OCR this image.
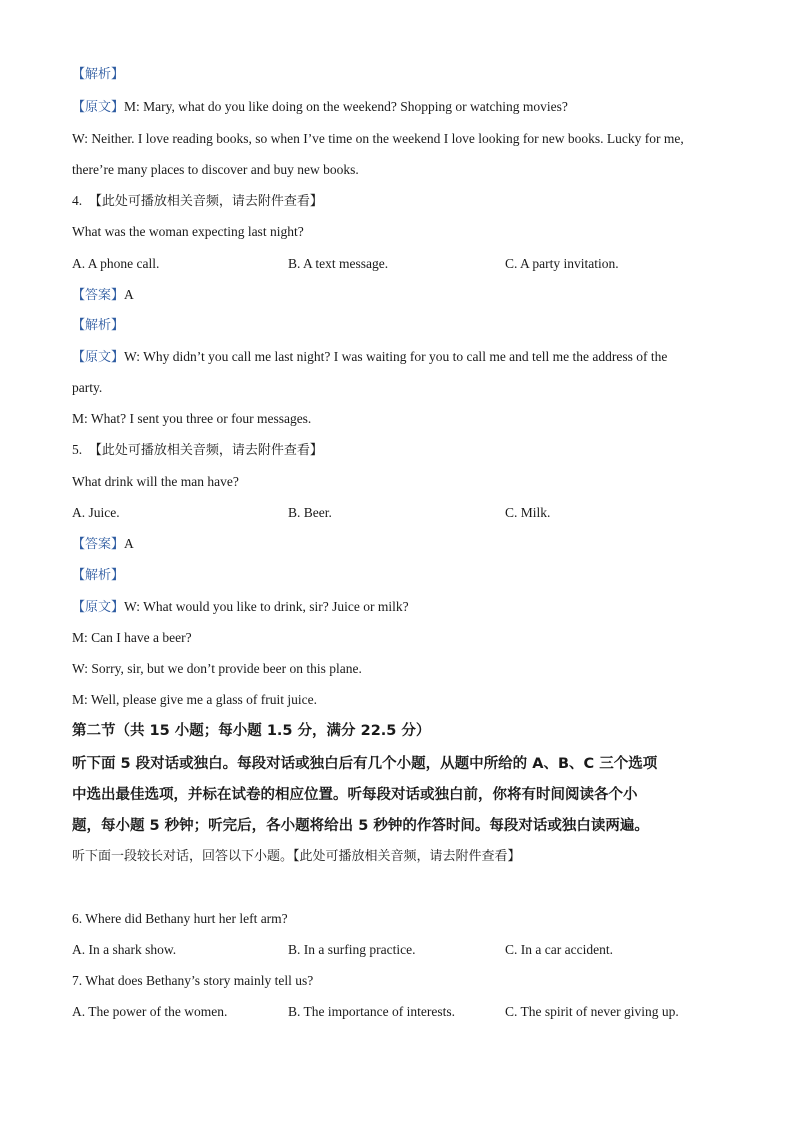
【解析】
【原文】M: Mary, what do you like doing on the weekend? Shopping or watching movies?
W: Neither. I love reading books, so when I’ve time on the weekend I love looking for new books. Lucky for me,
there’re many places to discover and buy new books.
4. 【此处可播放相关音频，请去附件查看】
What was the woman expecting last night?
A. A phone call.	B. A text message.	C. A party invitation.
【答案】A
【解析】
【原文】W: Why didn’t you call me last night? I was waiting for you to call me and tell me the address of the
party.
M: What? I sent you three or four messages.
5. 【此处可播放相关音频，请去附件查看】
What drink will the man have?
A. Juice.	B. Beer.	C. Milk.
【答案】A
【解析】
【原文】W: What would you like to drink, sir? Juice or milk?
M: Can I have a beer?
W: Sorry, sir, but we don’t provide beer on this plane.
M: Well, please give me a glass of fruit juice.
第二节（共 15 小题；每小题 1.5 分，满分 22.5 分）
听下面 5 段对话或独白。每段对话或独白后有几个小题，从题中所给的 A、B、C 三个选项
中选出最佳选项，并标在试卷的相应位置。听每段对话或独白前，你将有时间阅读各个小
题，每小题 5 秒钟；听完后，各小题将给出 5 秒钟的作答时间。每段对话或独白读两遍。
听下面一段较长对话，回答以下小题。【此处可播放相关音频，请去附件查看】
6. Where did Bethany hurt her left arm?
A. In a shark show.	B. In a surfing practice.	C. In a car accident.
7. What does Bethany’s story mainly tell us?
A. The power of the women.	B. The importance of interests.	C. The spirit of never giving up.
